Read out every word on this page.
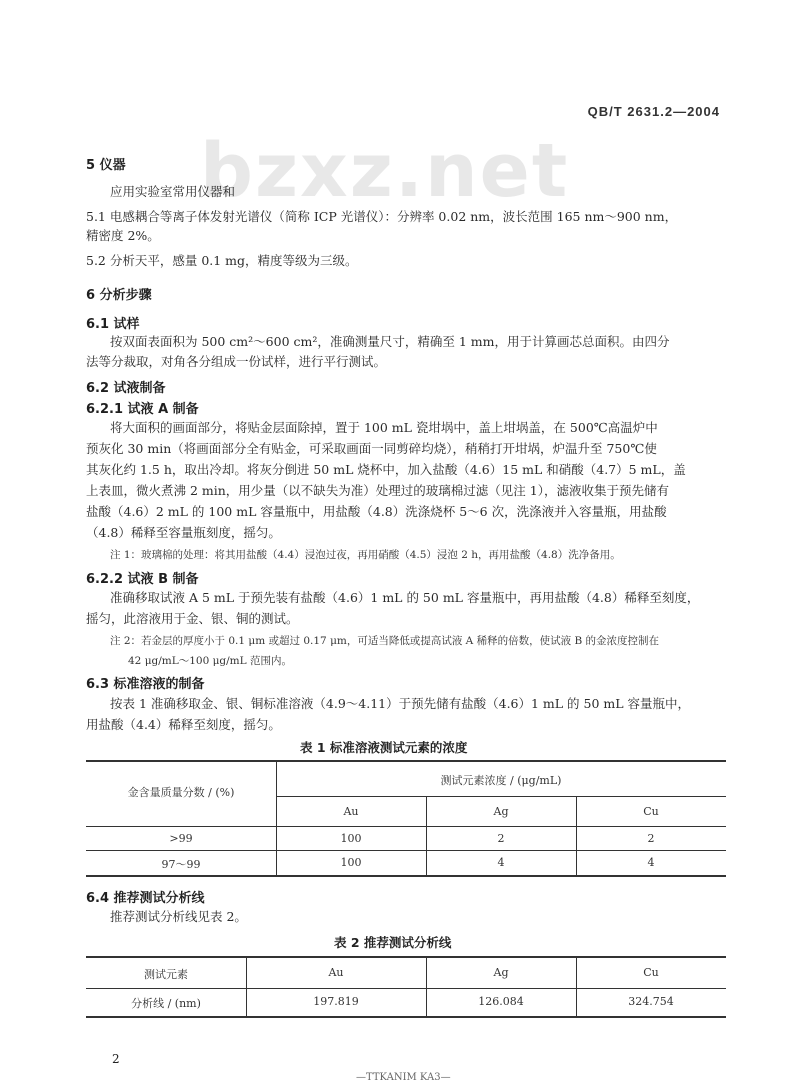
QB/T 2631.2—2004
bzxz.net
5 仪器
应用实验室常用仪器和
5.1 电感耦合等离子体发射光谱仪（简称 ICP 光谱仪）：分辨率 0.02 nm，波长范围 165 nm～900 nm，
精密度 2%。
5.2 分析天平，感量 0.1 mg，精度等级为三级。
6 分析步骤
6.1 试样
按双面表面积为 500 cm²～600 cm²，准确测量尺寸，精确至 1 mm，用于计算画芯总面积。由四分
法等分裁取，对角各分组成一份试样，进行平行测试。
6.2 试液制备
6.2.1 试液 A 制备
将大面积的画面部分，将贴金层面除掉，置于 100 mL 瓷坩埚中，盖上坩埚盖，在 500℃高温炉中
预灰化 30 min（将画面部分全有贴金，可采取画面一同剪碎均烧），稍稍打开坩埚，炉温升至 750℃使
其灰化约 1.5 h，取出冷却。将灰分倒进 50 mL 烧杯中，加入盐酸（4.6）15 mL 和硝酸（4.7）5 mL，盖
上表皿，微火煮沸 2 min，用少量（以不缺失为准）处理过的玻璃棉过滤（见注 1），滤液收集于预先储有
盐酸（4.6）2 mL 的 100 mL 容量瓶中，用盐酸（4.8）洗涤烧杯 5～6 次，洗涤液并入容量瓶，用盐酸
（4.8）稀释至容量瓶刻度，摇匀。
注 1：玻璃棉的处理：将其用盐酸（4.4）浸泡过夜，再用硝酸（4.5）浸泡 2 h，再用盐酸（4.8）洗净备用。
6.2.2 试液 B 制备
准确移取试液 A 5 mL 于预先装有盐酸（4.6）1 mL 的 50 mL 容量瓶中，再用盐酸（4.8）稀释至刻度，
摇匀，此溶液用于金、银、铜的测试。
注 2：若金层的厚度小于 0.1 μm 或超过 0.17 μm，可适当降低或提高试液 A 稀释的倍数，使试液 B 的金浓度控制在
42 μg/mL～100 μg/mL 范围内。
6.3 标准溶液的制备
按表 1 准确移取金、银、铜标准溶液（4.9～4.11）于预先储有盐酸（4.6）1 mL 的 50 mL 容量瓶中，
用盐酸（4.4）稀释至刻度，摇匀。
表 1 标准溶液测试元素的浓度
金含量质量分数 / (%)
测试元素浓度 / (μg/mL)
Au	Ag	Cu
>99	100	2	2
97～99	100	4	4
6.4 推荐测试分析线
推荐测试分析线见表 2。
表 2 推荐测试分析线
测试元素	Au	Ag	Cu
分析线 / (nm)	197.819	126.084	324.754
2
—TTKANIM KA3—
